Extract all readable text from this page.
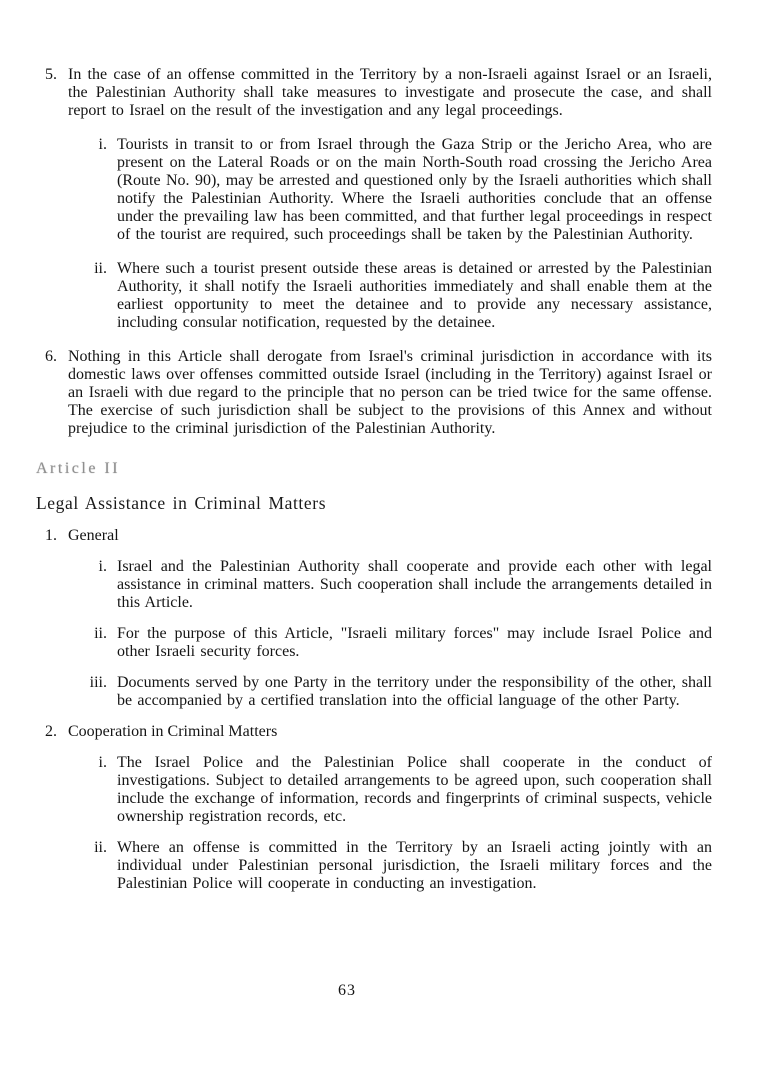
5. In the case of an offense committed in the Territory by a non-Israeli against Israel or an Israeli, the Palestinian Authority shall take measures to investigate and prosecute the case, and shall report to Israel on the result of the investigation and any legal proceedings.
i. Tourists in transit to or from Israel through the Gaza Strip or the Jericho Area, who are present on the Lateral Roads or on the main North-South road crossing the Jericho Area (Route No. 90), may be arrested and questioned only by the Israeli authorities which shall notify the Palestinian Authority. Where the Israeli authorities conclude that an offense under the prevailing law has been committed, and that further legal proceedings in respect of the tourist are required, such proceedings shall be taken by the Palestinian Authority.
ii. Where such a tourist present outside these areas is detained or arrested by the Palestinian Authority, it shall notify the Israeli authorities immediately and shall enable them at the earliest opportunity to meet the detainee and to provide any necessary assistance, including consular notification, requested by the detainee.
6. Nothing in this Article shall derogate from Israel's criminal jurisdiction in accordance with its domestic laws over offenses committed outside Israel (including in the Territory) against Israel or an Israeli with due regard to the principle that no person can be tried twice for the same offense. The exercise of such jurisdiction shall be subject to the provisions of this Annex and without prejudice to the criminal jurisdiction of the Palestinian Authority.
Article II
Legal Assistance in Criminal Matters
1. General
i. Israel and the Palestinian Authority shall cooperate and provide each other with legal assistance in criminal matters. Such cooperation shall include the arrangements detailed in this Article.
ii. For the purpose of this Article, "Israeli military forces" may include Israel Police and other Israeli security forces.
iii. Documents served by one Party in the territory under the responsibility of the other, shall be accompanied by a certified translation into the official language of the other Party.
2. Cooperation in Criminal Matters
i. The Israel Police and the Palestinian Police shall cooperate in the conduct of investigations. Subject to detailed arrangements to be agreed upon, such cooperation shall include the exchange of information, records and fingerprints of criminal suspects, vehicle ownership registration records, etc.
ii. Where an offense is committed in the Territory by an Israeli acting jointly with an individual under Palestinian personal jurisdiction, the Israeli military forces and the Palestinian Police will cooperate in conducting an investigation.
63
